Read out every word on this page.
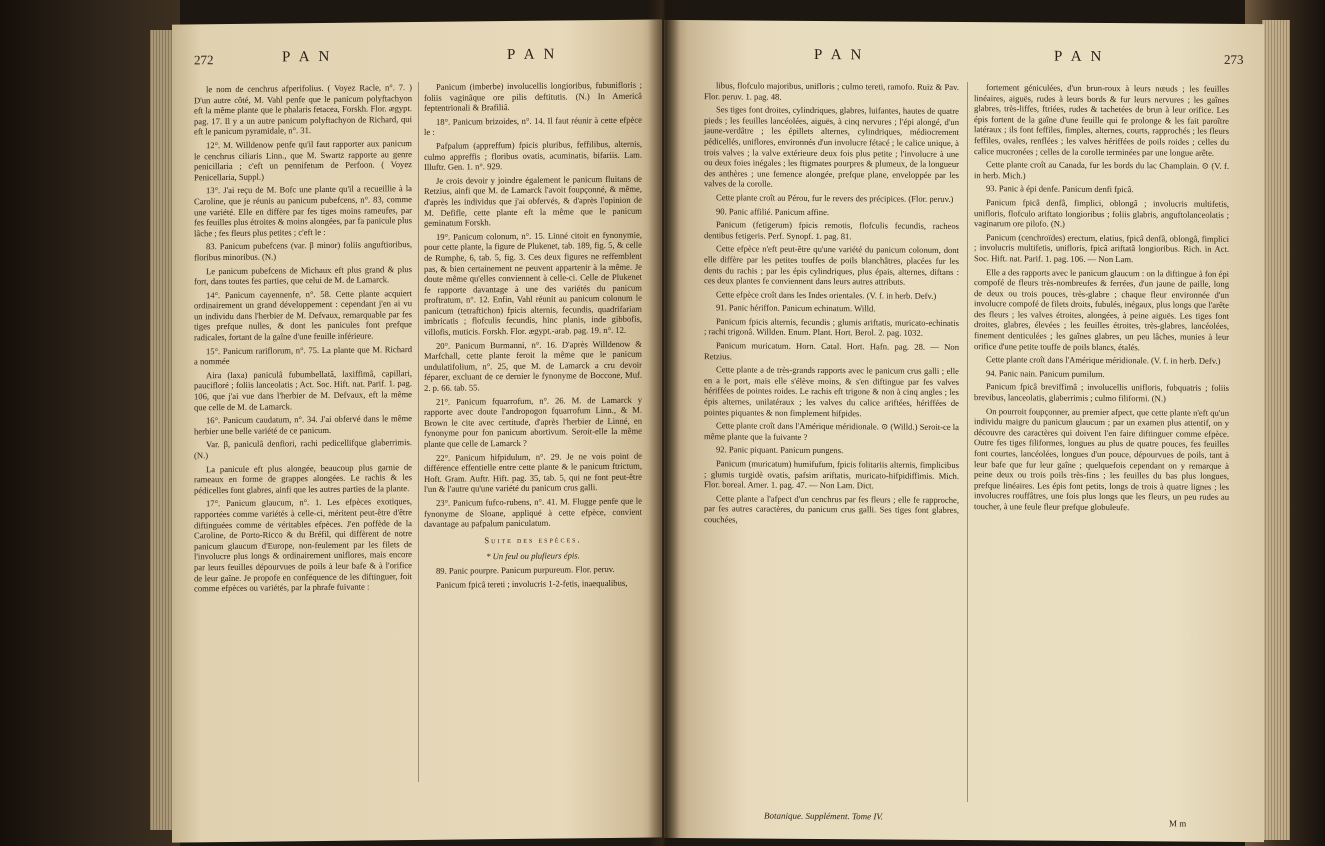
272	P A N	P A N

le nom de cenchrus afperifolius. ( Voyez Racle, n°. 7. ) D'un autre côté, M. Vahl penfe que le panicum polyftachyon eft la même plante que le phalaris fetacea, Forskh. Flor. ægypt. pag. 17. Il y a un autre panicum polyftachyon de Richard, qui eft le panicum pyramidale, n°. 31.

12°. M. Willdenow penfe qu'il faut rapporter aux panicum le cenchrus ciliaris Linn., que M. Swartz rapporte au genre penicillaria ; c'eft un pennifetum de Perfoon. ( Voyez Penicellaria, Suppl.)

13°. J'ai reçu de M. Bofc une plante qu'il a recueillie à la Caroline, que je réunis au panicum pubefcens, n°. 83, comme une variété. Elle en diffère par fes tiges moins rameufes, par fes feuilles plus étroites & moins alongées, par fa panicule plus lâche ; fes fleurs plus petites ; c'eft le :

83. Panicum pubefcens (var. β minor) foliis anguftioribus, floribus minoribus. (N.)

Le panicum pubefcens de Michaux eft plus grand & plus fort, dans toutes fes parties, que celui de M. de Lamarck.

14°. Panicum cayennenfe, n°. 58. Cette plante acquiert ordinairement un grand développement : cependant j'en ai vu un individu dans l'herbier de M. Defvaux, remarquable par fes tiges prefque nulles, & dont les panicules font prefque radicales, fortant de la gaîne d'une feuille inférieure.

15°. Panicum rariflorum, n°. 75. La plante que M. Richard a nommée

Aira (laxa) paniculâ fubumbellatâ, laxiffimâ, capillari, paucifloré ; foliis lanceolatis ; Act. Soc. Hift. nat. Parif. 1. pag. 106, que j'ai vue dans l'herbier de M. Defvaux, eft la même que celle de M. de Lamarck.

16°. Panicum caudatum, n°. 34. J'ai obfervé dans le même herbier une belle variété de ce panicum.

Var. β, paniculâ denfiori, rachi pedicellifque glaberrimis. (N.)

La panicule eft plus alongée, beaucoup plus garnie de rameaux en forme de grappes alongées. Le rachis & les pédicelles font glabres, ainfi que les autres parties de la plante.

17°. Panicum glaucum, n°. 1. Les efpèces exotiques, rapportées comme variétés à celle-ci, méritent peut-être d'être diftinguées comme de véritables efpèces. J'en poffède de la Caroline, de Porto-Ricco & du Bréfil, qui diffèrent de notre panicum glaucum d'Europe, non-feulement par les filets de l'involucre plus longs & ordinairement uniflores, mais encore par leurs feuilles dépourvues de poils à leur bafe & à l'orifice de leur gaîne. Je propofe en conféquence de les diftinguer, foit comme efpèces ou variétés, par la phrafe fuivante :

Panicum (imberbe) involucellis longioribus, fubunifloris ; foliis vaginâque ore pilis deftitutis. (N.) In Americâ feptentrionali & Brafiliâ.

18°. Panicum brizoides, n°. 14. Il faut réunir à cette efpèce le :

Pafpalum (appreffum) fpicis pluribus, feffilibus, alternis, culmo appreffis ; floribus ovatis, acuminatis, bifariis. Lam. Illuftr. Gen. 1. n°. 929.

Je crois devoir y joindre également le panicum fluitans de Retzius, ainfi que M. de Lamarck l'avoit foupçonné, & même, d'après les individus que j'ai obfervés, & d'après l'opinion de M. Defifle, cette plante eft la même que le panicum geminatum Forskh.

19°. Panicum colonum, n°. 15. Linné citoit en fynonymie, pour cette plante, la figure de Plukenet, tab. 189, fig. 5, & celle de Rumphe, 6, tab. 5, fig. 3. Ces deux figures ne reffemblent pas, & bien certainement ne peuvent appartenir à la même. Je doute même qu'elles conviennent à celle-ci. Celle de Plukenet fe rapporte davantage à une des variétés du panicum proftratum, n°. 12. Enfin, Vahl réunit au panicum colonum le panicum (tetraftichon) fpicis alternis, fecundis, quadrifariam imbricatis ; flofculis fecundis, hinc planis, inde gibbofis, villofis, muticis. Forskh. Flor. ægypt.-arab. pag. 19. n°. 12.

20°. Panicum Burmanni, n°. 16. D'après Willdenow & Marfchall, cette plante feroit la même que le panicum undulatifolium, n°. 25, que M. de Lamarck a cru devoir féparer, excluant de ce dernier le fynonyme de Boccone, Muf. 2. p. 66. tab. 55.

21°. Panicum fquarrofum, n°. 26. M. de Lamarck y rapporte avec doute l'andropogon fquarrofum Linn., & M. Brown le cite avec certitude, d'après l'herbier de Linné, en fynonyme pour fon panicum abortivum. Seroit-elle la même plante que celle de Lamarck ?

22°. Panicum hifpidulum, n°. 29. Je ne vois point de différence effentielle entre cette plante & le panicum ftrictum, Hoft. Gram. Auftr. Hift. pag. 35, tab. 5, qui ne font peut-être l'un & l'autre qu'une variété du panicum crus galli.

23°. Panicum fufco-rubens, n°. 41. M. Flugge penfe que le fynonyme de Sloane, appliqué à cette efpèce, convient davantage au pafpalum paniculatum.

Suite des espèces.

* Un feul ou plufieurs épis.

89. Panic pourpre. Panicum purpureum. Flor. peruv.

Panicum fpicâ tereti ; involucris 1-2-fetis, inaequalibus,

P A N	P A N	273

libus, flofculo majoribus, unifloris ; culmo tereti, ramofo. Ruiz & Pav. Flor. peruv. 1. pag. 48.

Ses tiges font droites, cylindriques, glabres, luifantes, hautes de quatre pieds ; les feuilles lancéolées, aiguës, à cinq nervures ; l'épi alongé, d'un jaune-verdâtre ; les épillets alternes, cylindriques, médiocrement pédicellés, uniflores, environnés d'un involucre fétacé ; le calice unique, à trois valves ; la valve extérieure deux fois plus petite ; l'involucre à une ou deux foies inégales ; les ftigmates pourpres & plumeux, de la longueur des anthères ; une femence alongée, prefque plane, enveloppée par les valves de la corolle.

Cette plante croît au Pérou, fur le revers des précipices. (Flor. peruv.)

90. Panic affilié. Panicum affine.

Panicum (fetigerum) fpicis remotis, flofculis fecundis, racheos dentibus fetigeris. Perf. Synopf. 1. pag. 81.

Cette efpèce n'eft peut-être qu'une variété du panicum colonum, dont elle diffère par les petites touffes de poils blanchâtres, placées fur les dents du rachis ; par les épis cylindriques, plus épais, alternes, diftans : ces deux plantes fe conviennent dans leurs autres attributs.

Cette efpèce croît dans les Indes orientales. (V. f. in herb. Defv.)

91. Panic hériffon. Panicum echinatum. Willd.

Panicum fpicis alternis, fecundis ; glumis ariftatis, muricato-echinatis ; rachi trigonâ. Willden. Enum. Plant. Hort. Berol. 2. pag. 1032.

Panicum muricatum. Horn. Catal. Hort. Hafn. pag. 28. — Non Retzius.

Cette plante a de très-grands rapports avec le panicum crus galli ; elle en a le port, mais elle s'élève moins, & s'en diftingue par fes valves hériffées de pointes roides. Le rachis eft trigone & non à cinq angles ; les épis alternes, unilatéraux ; les valves du calice ariftées, hériffées de pointes piquantes & non fimplement hifpides.

Cette plante croît dans l'Amérique méridionale. ⊙ (Willd.) Seroit-ce la même plante que la fuivante ?

92. Panic piquant. Panicum pungens.

Panicum (muricatum) humifufum, fpicis folitariis alternis, fimplicibus ; glumis turgidè ovatis, pafsim ariftatis, muricato-hifpidiffimis. Mich. Flor. boreal. Amer. 1. pag. 47. — Non Lam. Dict.

Cette plante a l'afpect d'un cenchrus par fes fleurs ; elle fe rapproche, par fes autres caractères, du panicum crus galli. Ses tiges font glabres, couchées,

Botanique. Supplément. Tome IV.

fortement géniculées, d'un brun-roux à leurs nœuds ; les feuilles linéaires, aiguës, rudes à leurs bords & fur leurs nervures ; les gaînes glabres, très-liffes, ftriées, rudes & tachetées de brun à leur orifice. Les épis fortent de la gaîne d'une feuille qui fe prolonge & les fait paroître latéraux ; ils font feffiles, fimples, alternes, courts, rapprochés ; les fleurs feffiles, ovales, renflées ; les valves hériffées de poils roides ; celles du calice mucronées ; celles de la corolle terminées par une longue arête.

Cette plante croît au Canada, fur les bords du lac Champlain. ⊙ (V. f. in herb. Mich.)

93. Panic à épi denfe. Panicum denfi fpicâ.

Panicum fpicâ denfâ, fimplici, oblongâ ; involucris multifetis, unifloris, flofculo ariftato longioribus ; foliis glabris, anguftolanceolatis ; vaginarum ore pilofo. (N.)

Panicum (cenchroïdes) erectum, elatius, fpicâ denfâ, oblongâ, fimplici ; involucris multifetis, unifloris, fpicâ ariftatâ longioribus. Rich. in Act. Soc. Hift. nat. Parif. 1. pag. 106. — Non Lam.

Elle a des rapports avec le panicum glaucum : on la diftingue à fon épi compofé de fleurs très-nombreufes & ferrées, d'un jaune de paille, long de deux ou trois pouces, très-glabre ; chaque fleur environnée d'un involucre compofé de filets droits, fubulés, inégaux, plus longs que l'arête des fleurs ; les valves étroites, alongées, à peine aiguës. Les tiges font droites, glabres, élevées ; les feuilles étroites, très-glabres, lancéolées, finement denticulées ; les gaînes glabres, un peu lâches, munies à leur orifice d'une petite touffe de poils blancs, étalés.

Cette plante croît dans l'Amérique méridionale. (V. f. in herb. Defv.)

94. Panic nain. Panicum pumilum.

Panicum fpicâ breviffimâ ; involucellis unifloris, fubquatris ; foliis brevibus, lanceolatis, glaberrimis ; culmo filiformi. (N.)

On pourroit foupçonner, au premier afpect, que cette plante n'eft qu'un individu maigre du panicum glaucum ; par un examen plus attentif, on y découvre des caractères qui doivent l'en faire diftinguer comme efpèce. Outre fes tiges filiformes, longues au plus de quatre pouces, fes feuilles font courtes, lancéolées, longues d'un pouce, dépourvues de poils, tant à leur bafe que fur leur gaîne ; quelquefois cependant on y remarque à peine deux ou trois poils très-fins ; les feuilles du bas plus longues, prefque linéaires. Les épis font petits, longs de trois à quatre lignes ; les involucres rouffâtres, une fois plus longs que les fleurs, un peu rudes au toucher, à une feule fleur prefque globuleufe.

M m
